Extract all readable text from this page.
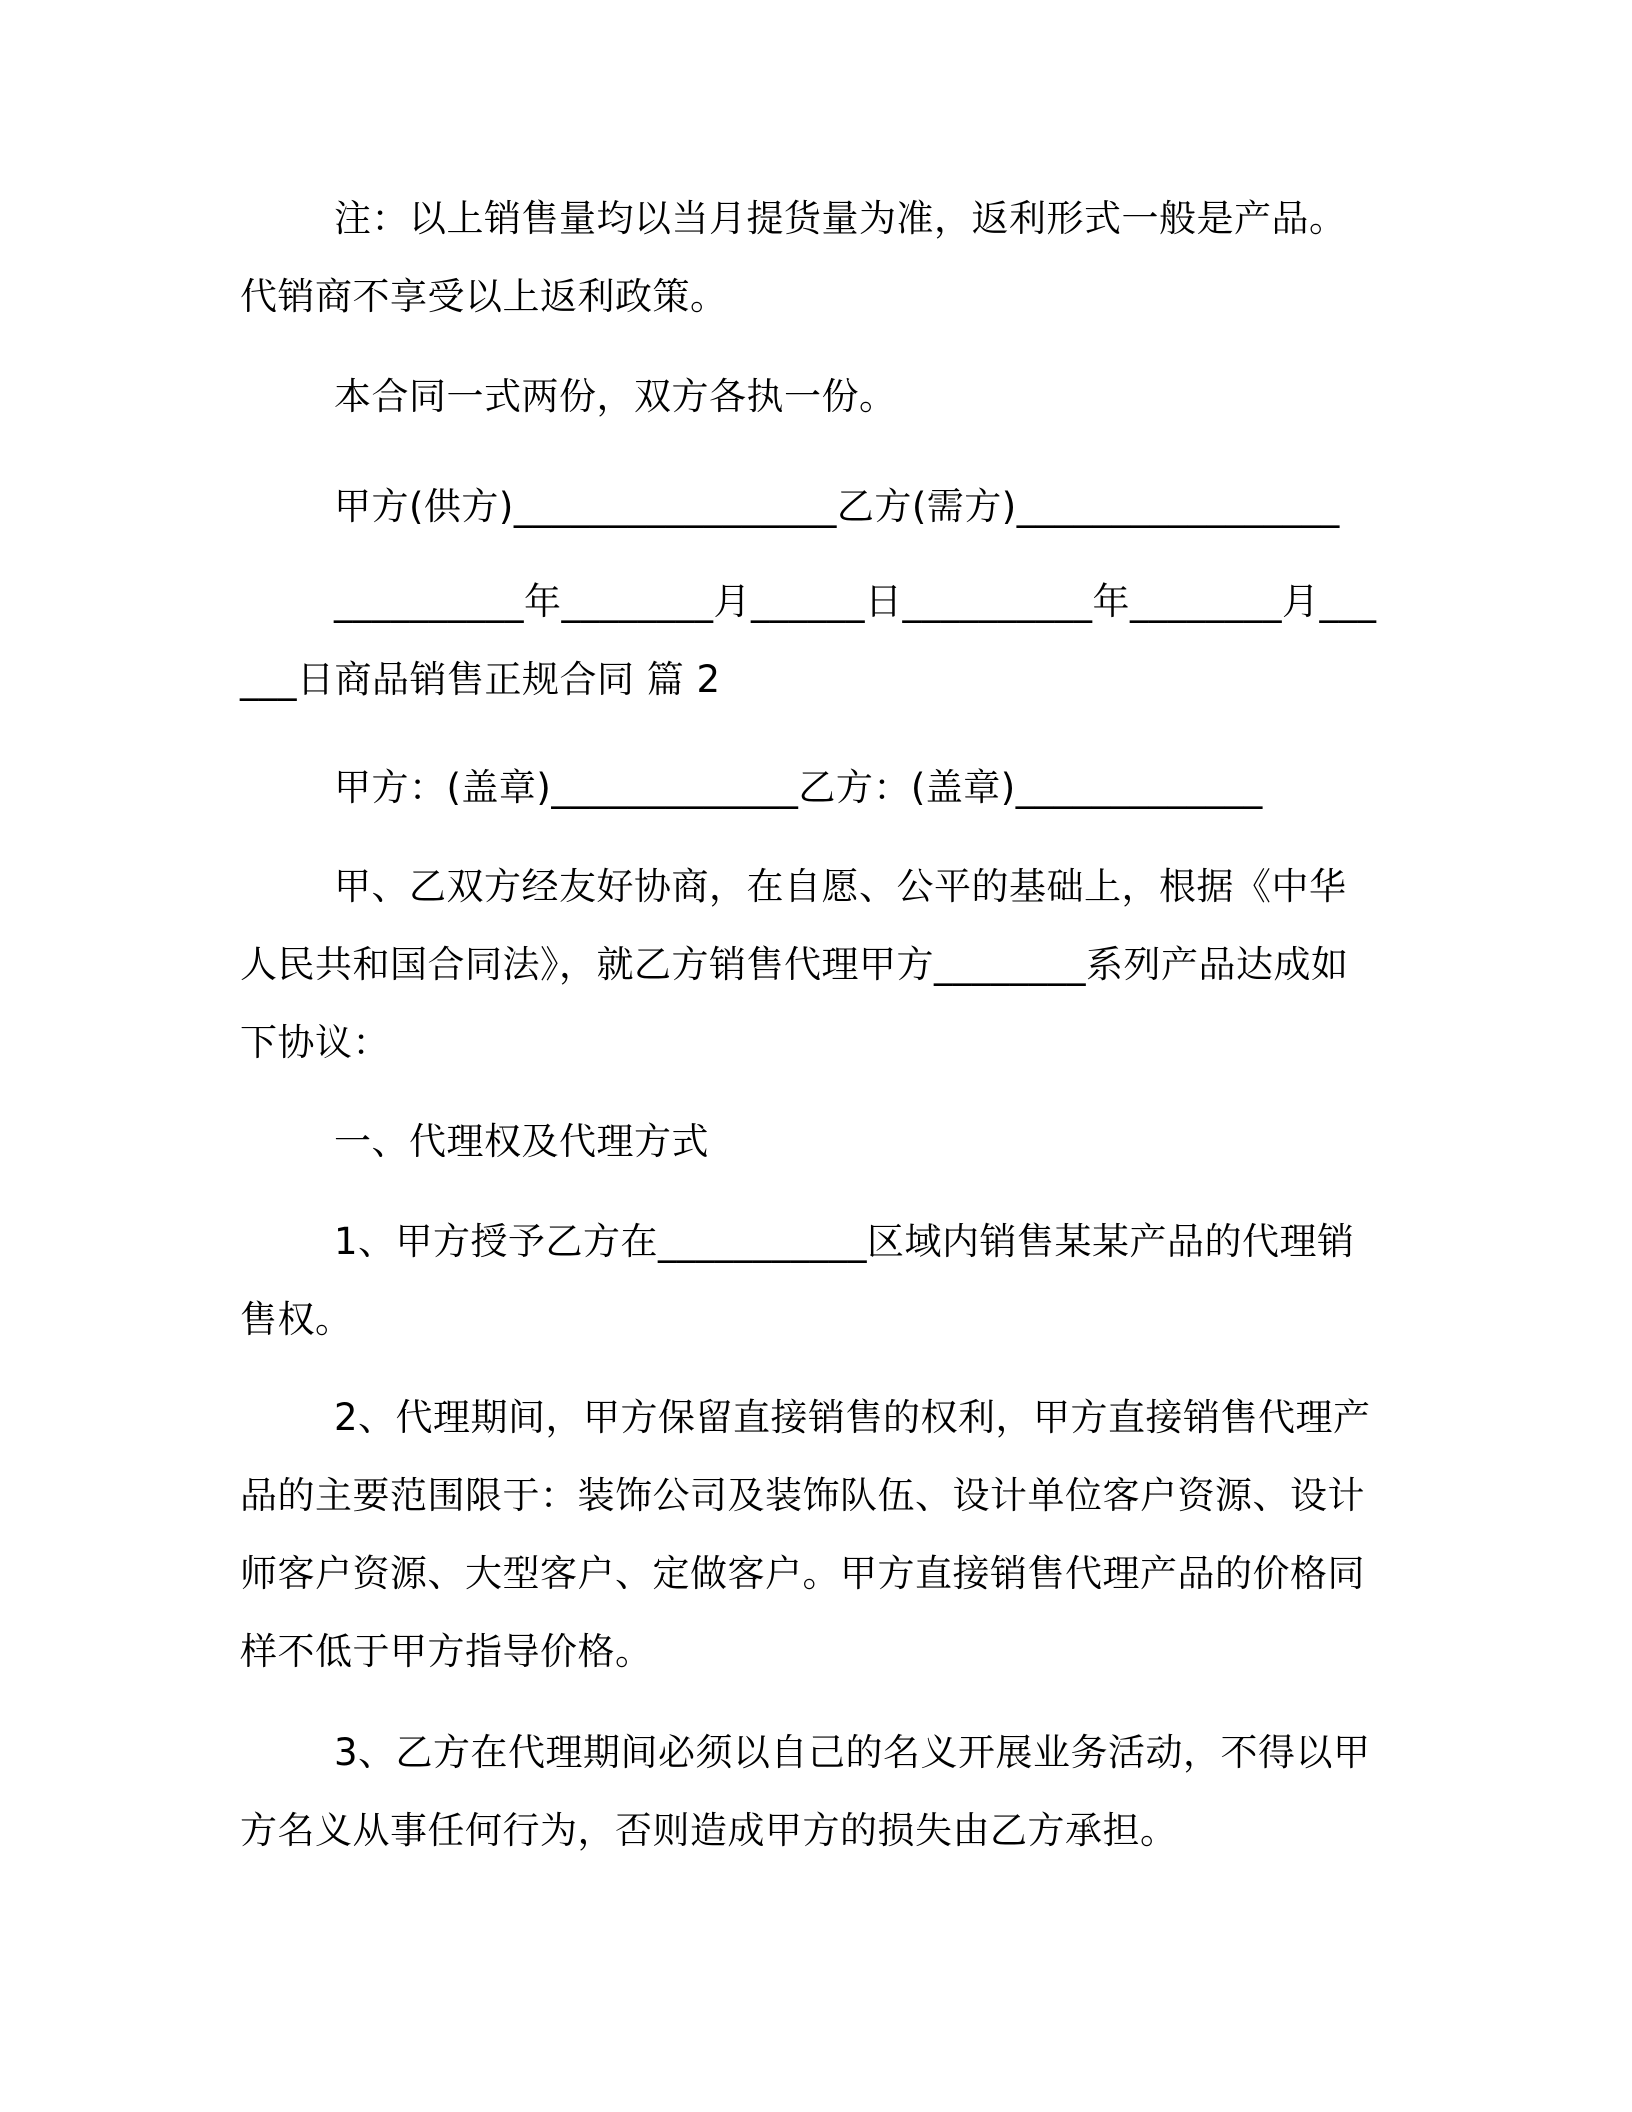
注：以上销售量均以当月提货量为准，返利形式一般是产品。代销商不享受以上返利政策。

本合同一式两份，双方各执一份。

甲方(供方)_________________乙方(需方)_________________

__________年________月______日__________年________月______日商品销售正规合同 篇 2

甲方：(盖章)_____________乙方：(盖章)_____________

甲、乙双方经友好协商，在自愿、公平的基础上，根据《中华人民共和国合同法》，就乙方销售代理甲方________系列产品达成如下协议：

一、代理权及代理方式

1、甲方授予乙方在___________区域内销售某某产品的代理销售权。

2、代理期间，甲方保留直接销售的权利，甲方直接销售代理产品的主要范围限于：装饰公司及装饰队伍、设计单位客户资源、设计师客户资源、大型客户、定做客户。甲方直接销售代理产品的价格同样不低于甲方指导价格。

3、乙方在代理期间必须以自己的名义开展业务活动，不得以甲方名义从事任何行为，否则造成甲方的损失由乙方承担。
